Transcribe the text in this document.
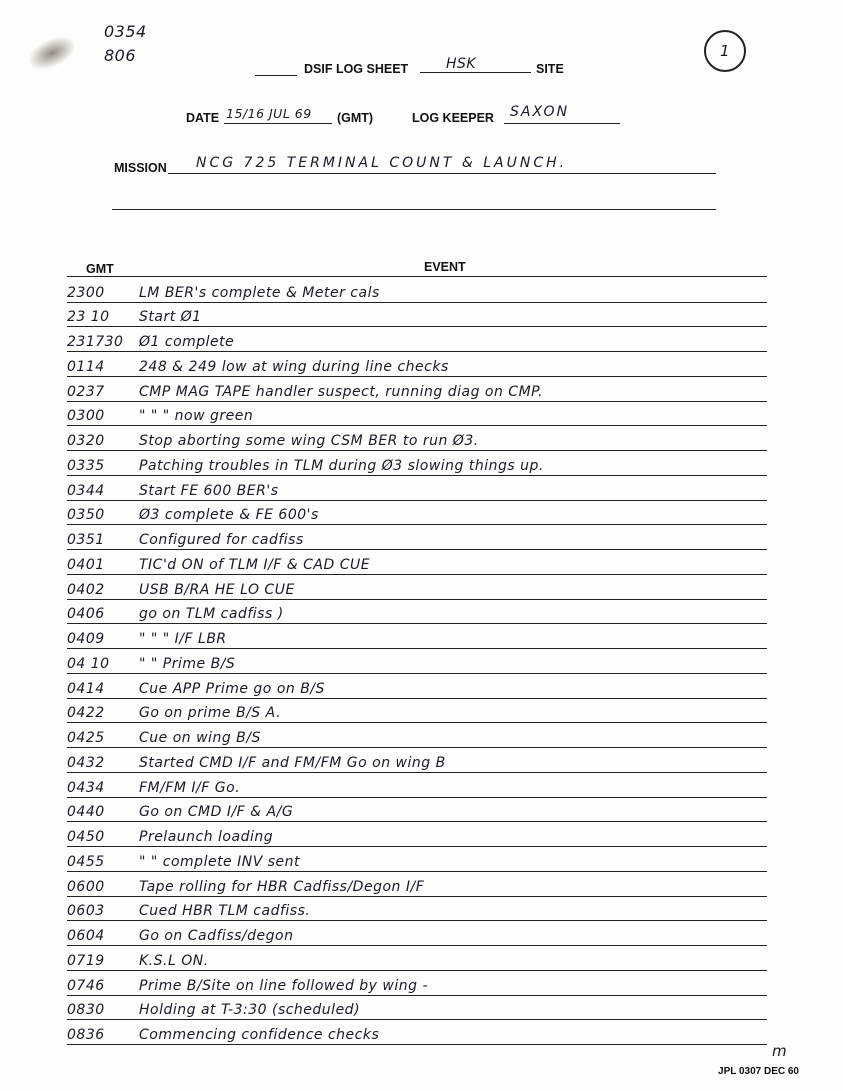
0354
806	1
DSIF LOG SHEET	HSK	SITE
DATE 15/16 JUL 69 (GMT)	LOG KEEPER SAXON
MISSION NCG 725 TERMINAL COUNT & LAUNCH.
GMT	EVENT
2300	LM BER's complete & Meter cals
23 10	Start Ø1
231730 Ø1 complete
0114	248 & 249 low at wing during line checks
0237	CMP MAG TAPE handler suspect, running diag on CMP.
0300	" " " now green
0320	Stop aborting some wing CSM BER to run Ø3.
0335	Patching troubles in TLM during Ø3 slowing things up.
0344	Start FE 600 BER's
0350	Ø3 complete & FE 600's
0351	Configured for cadfiss
0401	TIC'd ON of TLM I/F & CAD CUE
0402	USB B/RA HE LO CUE
0406	go on TLM cadfiss )
0409	" " " I/F LBR
04 10	" " Prime B/S
0414	Cue APP Prime go on B/S
0422	Go on prime B/S A.
0425	Cue on wing B/S
0432	Started CMD I/F and FM/FM Go on wing B
0434	FM/FM I/F Go.
0440	Go on CMD I/F & A/G
0450	Prelaunch loading
0455	" " complete INV sent
0600	Tape rolling for HBR Cadfiss/Degon I/F
0603	Cued HBR TLM cadfiss.
0604	Go on Cadfiss/degon
0719	K.S.L ON.
0746	Prime B/Site on line followed by wing -
0830	Holding at T-3:30 (scheduled)
0836	Commencing confidence checks
JPL 0307 DEC 60
m
